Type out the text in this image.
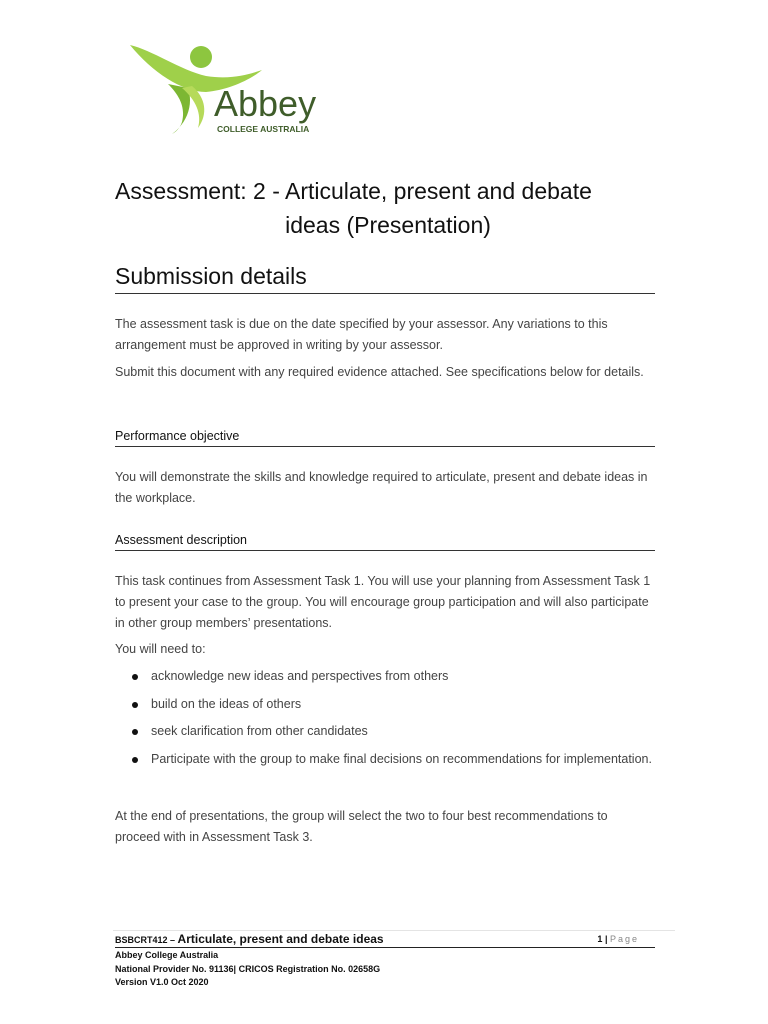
Abbey
COLLEGE AUSTRALIA
Assessment: 2 - Articulate, present and debate
ideas (Presentation)
Submission details
The assessment task is due on the date specified by your assessor. Any variations to this arrangement must be approved in writing by your assessor.
Submit this document with any required evidence attached. See specifications below for details.
Performance objective
You will demonstrate the skills and knowledge required to articulate, present and debate ideas in the workplace.
Assessment description
This task continues from Assessment Task 1. You will use your planning from Assessment Task 1 to present your case to the group. You will encourage group participation and will also participate in other group members’ presentations.
You will need to:
acknowledge new ideas and perspectives from others
build on the ideas of others
seek clarification from other candidates
Participate with the group to make final decisions on recommendations for implementation.
At the end of presentations, the group will select the two to four best recommendations to proceed with in Assessment Task 3.
BSBCRT412 – Articulate, present and debate ideas	1 | Page
Abbey College Australia
National Provider No. 91136| CRICOS Registration No. 02658G
Version V1.0 Oct 2020
